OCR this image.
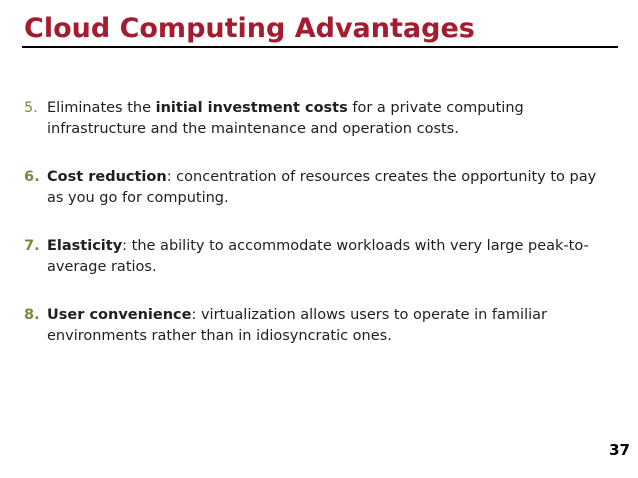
Cloud Computing Advantages
5. Eliminates the initial investment costs for a private computing infrastructure and the maintenance and operation costs.
6. Cost reduction: concentration of resources creates the opportunity to pay as you go for computing.
7. Elasticity: the ability to accommodate workloads with very large peak-to-average ratios.
8. User convenience: virtualization allows users to operate in familiar environments rather than in idiosyncratic ones.
37
